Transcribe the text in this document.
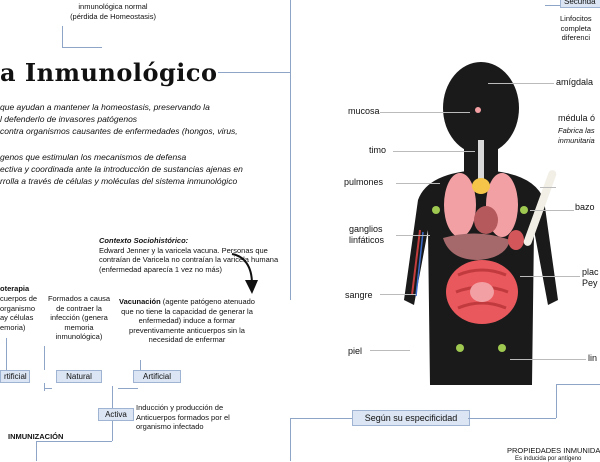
inmunológica normal
(pérdida de Homeostasis)
a Inmunológico
que ayudan a mantener la homeostasis, preservando la
l defenderlo de invasores patógenos
contra organismos causantes de enfermedades (hongos, virus,
genos que estimulan los mecanismos de defensa
ectiva y coordinada ante la introducción de sustancias ajenas en
rrolla a través de células y moléculas del sistema inmunológico
Contexto Sociohistórico:
Edward Jenner y la varicela vacuna. Personas que
contraían de Varicela no contraían la varicela humana
(enfermedad aparecía 1 vez no más)
oterapia
cuerpos de
organismo
ay células
emoria)
Formados a causa
de contraer la
infección (genera
memoria
inmunológica)
Vacunación (agente patógeno atenuado
que no tiene la capacidad de generar la
enfermedad) induce a formar
preventivamente anticuerpos sin la
necesidad de enfermar
rtificial	Natural	Artificial
Activa
Inducción y producción de
Anticuerpos formados por el
organismo infectado
INMUNIZACIÓN
Secunda
Linfocitos
completa
diferenci
mucosa
timo
pulmones
ganglios
linfáticos
sangre
piel
amígdala
médula ó
Fabrica las
inmunitaria
bazo
plac
Pey
lin
Según su especificidad
PROPIEDADES INMUNIDA
Es inducida por antígeno
